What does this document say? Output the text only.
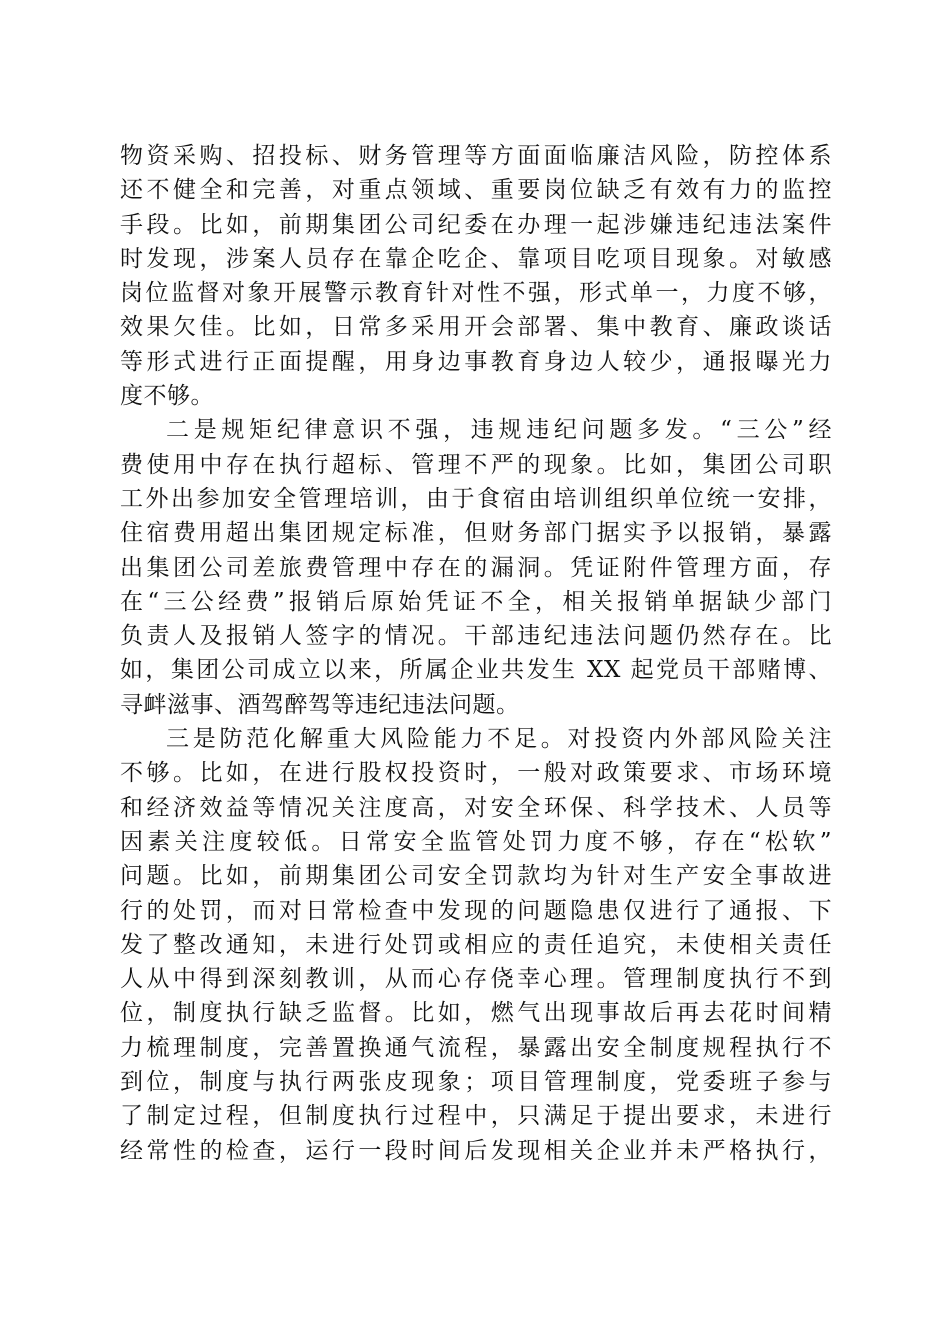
物资采购、招投标、财务管理等方面面临廉洁风险，防控体系
还不健全和完善，对重点领域、重要岗位缺乏有效有力的监控
手段。比如，前期集团公司纪委在办理一起涉嫌违纪违法案件
时发现，涉案人员存在靠企吃企、靠项目吃项目现象。对敏感
岗位监督对象开展警示教育针对性不强，形式单一，力度不够，
效果欠佳。比如，日常多采用开会部署、集中教育、廉政谈话
等形式进行正面提醒，用身边事教育身边人较少，通报曝光力
度不够。
二是规矩纪律意识不强，违规违纪问题多发。“三公”经
费使用中存在执行超标、管理不严的现象。比如，集团公司职
工外出参加安全管理培训，由于食宿由培训组织单位统一安排，
住宿费用超出集团规定标准，但财务部门据实予以报销，暴露
出集团公司差旅费管理中存在的漏洞。凭证附件管理方面，存
在“三公经费”报销后原始凭证不全，相关报销单据缺少部门
负责人及报销人签字的情况。干部违纪违法问题仍然存在。比
如，集团公司成立以来，所属企业共发生 XX 起党员干部赌博、
寻衅滋事、酒驾醉驾等违纪违法问题。
三是防范化解重大风险能力不足。对投资内外部风险关注
不够。比如，在进行股权投资时，一般对政策要求、市场环境
和经济效益等情况关注度高，对安全环保、科学技术、人员等
因素关注度较低。日常安全监管处罚力度不够，存在“松软”
问题。比如，前期集团公司安全罚款均为针对生产安全事故进
行的处罚，而对日常检查中发现的问题隐患仅进行了通报、下
发了整改通知，未进行处罚或相应的责任追究，未使相关责任
人从中得到深刻教训，从而心存侥幸心理。管理制度执行不到
位，制度执行缺乏监督。比如，燃气出现事故后再去花时间精
力梳理制度，完善置换通气流程，暴露出安全制度规程执行不
到位，制度与执行两张皮现象；项目管理制度，党委班子参与
了制定过程，但制度执行过程中，只满足于提出要求，未进行
经常性的检查，运行一段时间后发现相关企业并未严格执行，
